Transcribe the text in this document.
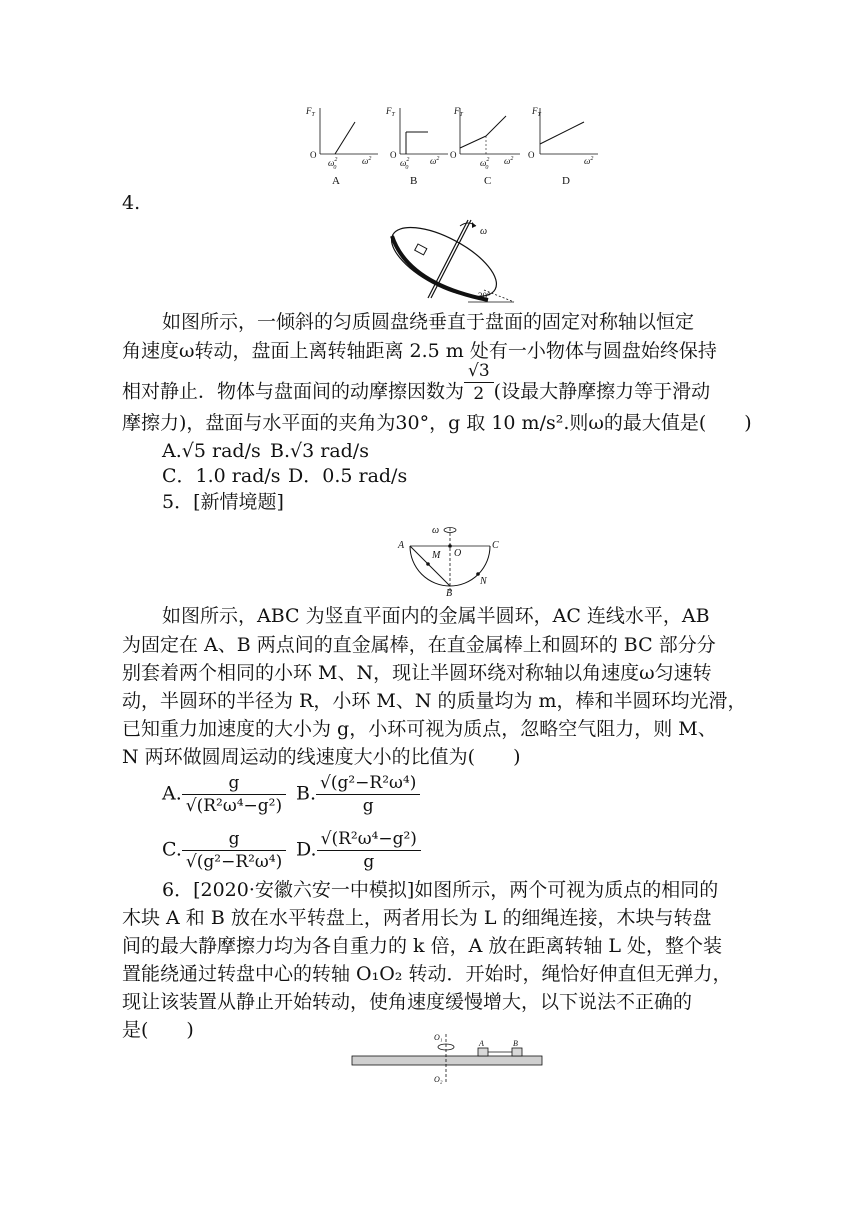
$F_T$
O
$\omega^2$ 0
$\omega^2$
$F_T$
O
$\omega^2$ 0
$\omega^2$
$F_T$
O
$\omega^2$ 0
$\omega^2$
$F_T$
O
$\omega^2$
A	B	C	D
4.
ω
30°
如图所示，一倾斜的匀质圆盘绕垂直于盘面的固定对称轴以恒定
角速度ω转动，盘面上离转轴距离 2.5 m 处有一小物体与圆盘始终保持
相对静止．物体与盘面间的动摩擦因数为 $\frac{√3}{2}$ (设最大静摩擦力等于滑动
摩擦力)，盘面与水平面的夹角为30°，g 取 10 m/s².则ω的最大值是(　　)
A.√5 rad/s B.√3 rad/s
C．1.0 rad/s D．0.5 rad/s
5．[新情境题]
ω
A
M O
C
B
N
如图所示，ABC 为竖直平面内的金属半圆环，AC 连线水平，AB
为固定在 A、B 两点间的直金属棒，在直金属棒上和圆环的 BC 部分分
别套着两个相同的小环 M、N，现让半圆环绕对称轴以角速度ω匀速转
动，半圆环的半径为 R，小环 M、N 的质量均为 m，棒和半圆环均光滑，
已知重力加速度的大小为 g，小环可视为质点，忽略空气阻力，则 M、
N 两环做圆周运动的线速度大小的比值为(　　)
A. $\frac{g}{\text{√(R²ω⁴−g²)}} B$. $\frac{\text{√(g²−R²ω⁴)}}{g}$
C. $\frac{g}{\text{√(g²−R²ω⁴)}} D$. $\frac{\text{√(R²ω⁴−g²)}}{g}$
6．[2020·安徽六安一中模拟]如图所示，两个可视为质点的相同的
木块 A 和 B 放在水平转盘上，两者用长为 L 的细绳连接，木块与转盘
间的最大静摩擦力均为各自重力的 k 倍，A 放在距离转轴 L 处，整个装
置能绕通过转盘中心的转轴 O₁O₂ 转动．开始时，绳恰好伸直但无弹力，
现让该装置从静止开始转动，使角速度缓慢增大，以下说法不正确的
是(　　)	O₁
O₂
A	B
